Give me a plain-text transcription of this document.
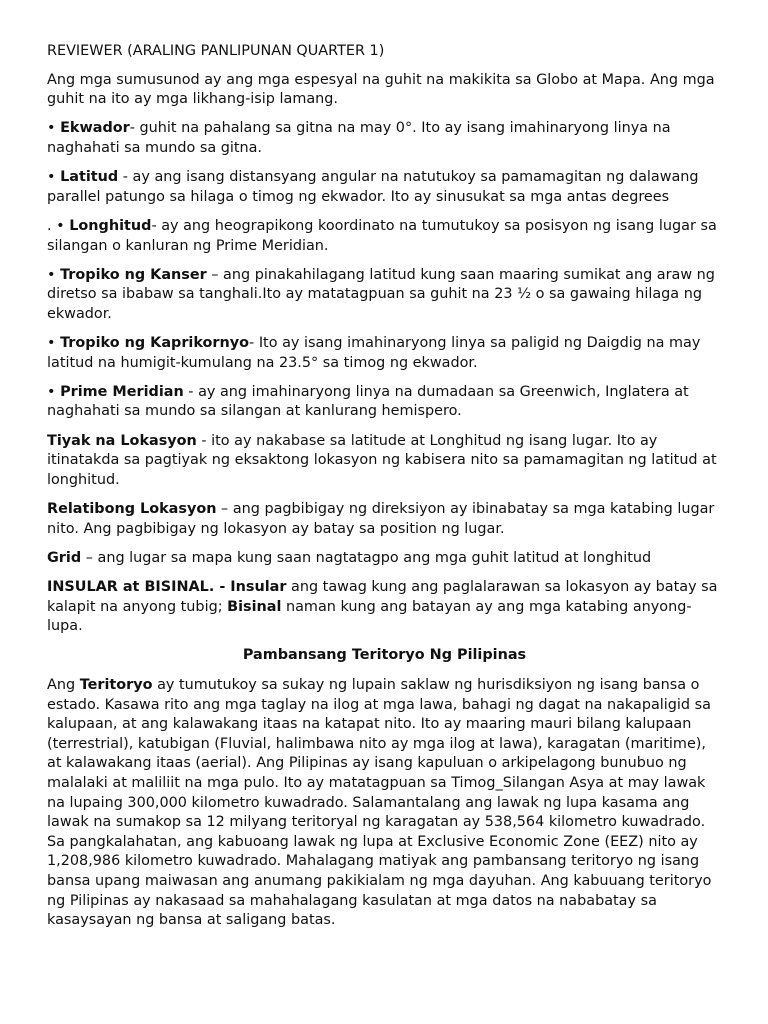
REVIEWER (ARALING PANLIPUNAN QUARTER 1)

Ang mga sumusunod ay ang mga espesyal na guhit na makikita sa Globo at Mapa. Ang mga guhit na ito ay mga likhang-isip lamang.

• Ekwador- guhit na pahalang sa gitna na may 0°. Ito ay isang imahinaryong linya na naghahati sa mundo sa gitna.

• Latitud - ay ang isang distansyang angular na natutukoy sa pamamagitan ng dalawang parallel patungo sa hilaga o timog ng ekwador. Ito ay sinusukat sa mga antas degrees

. • Longhitud- ay ang heograpikong koordinato na tumutukoy sa posisyon ng isang lugar sa silangan o kanluran ng Prime Meridian.

• Tropiko ng Kanser – ang pinakahilagang latitud kung saan maaring sumikat ang araw ng diretso sa ibabaw sa tanghali.Ito ay matatagpuan sa guhit na 23 ½ o sa gawaing hilaga ng ekwador.

• Tropiko ng Kaprikornyo- Ito ay isang imahinaryong linya sa paligid ng Daigdig na may latitud na humigit-kumulang na 23.5° sa timog ng ekwador.

• Prime Meridian - ay ang imahinaryong linya na dumadaan sa Greenwich, Inglatera at naghahati sa mundo sa silangan at kanlurang hemispero.

Tiyak na Lokasyon - ito ay nakabase sa latitude at Longhitud ng isang lugar. Ito ay itinatakda sa pagtiyak ng eksaktong lokasyon ng kabisera nito sa pamamagitan ng latitud at longhitud.

Relatibong Lokasyon – ang pagbibigay ng direksiyon ay ibinabatay sa mga katabing lugar nito. Ang pagbibigay ng lokasyon ay batay sa position ng lugar.

Grid – ang lugar sa mapa kung saan nagtatagpo ang mga guhit latitud at longhitud

INSULAR at BISINAL. - Insular ang tawag kung ang paglalarawan sa lokasyon ay batay sa kalapit na anyong tubig; Bisinal naman kung ang batayan ay ang mga katabing anyong-lupa.

Pambansang Teritoryo Ng Pilipinas

Ang Teritoryo ay tumutukoy sa sukay ng lupain saklaw ng hurisdiksiyon ng isang bansa o estado. Kasawa rito ang mga taglay na ilog at mga lawa, bahagi ng dagat na nakapaligid sa kalupaan, at ang kalawakang itaas na katapat nito. Ito ay maaring mauri bilang kalupaan (terrestrial), katubigan (Fluvial, halimbawa nito ay mga ilog at lawa), karagatan (maritime), at kalawakang itaas (aerial). Ang Pilipinas ay isang kapuluan o arkipelagong bunubuo ng malalaki at maliliit na mga pulo. Ito ay matatagpuan sa Timog_Silangan Asya at may lawak na lupaing 300,000 kilometro kuwadrado. Salamantalang ang lawak ng lupa kasama ang lawak na sumakop sa 12 milyang teritoryal ng karagatan ay 538,564 kilometro kuwadrado. Sa pangkalahatan, ang kabuoang lawak ng lupa at Exclusive Economic Zone (EEZ) nito ay 1,208,986 kilometro kuwadrado. Mahalagang matiyak ang pambansang teritoryo ng isang bansa upang maiwasan ang anumang pakikialam ng mga dayuhan. Ang kabuuang teritoryo ng Pilipinas ay nakasaad sa mahahalagang kasulatan at mga datos na nababatay sa kasaysayan ng bansa at saligang batas.
